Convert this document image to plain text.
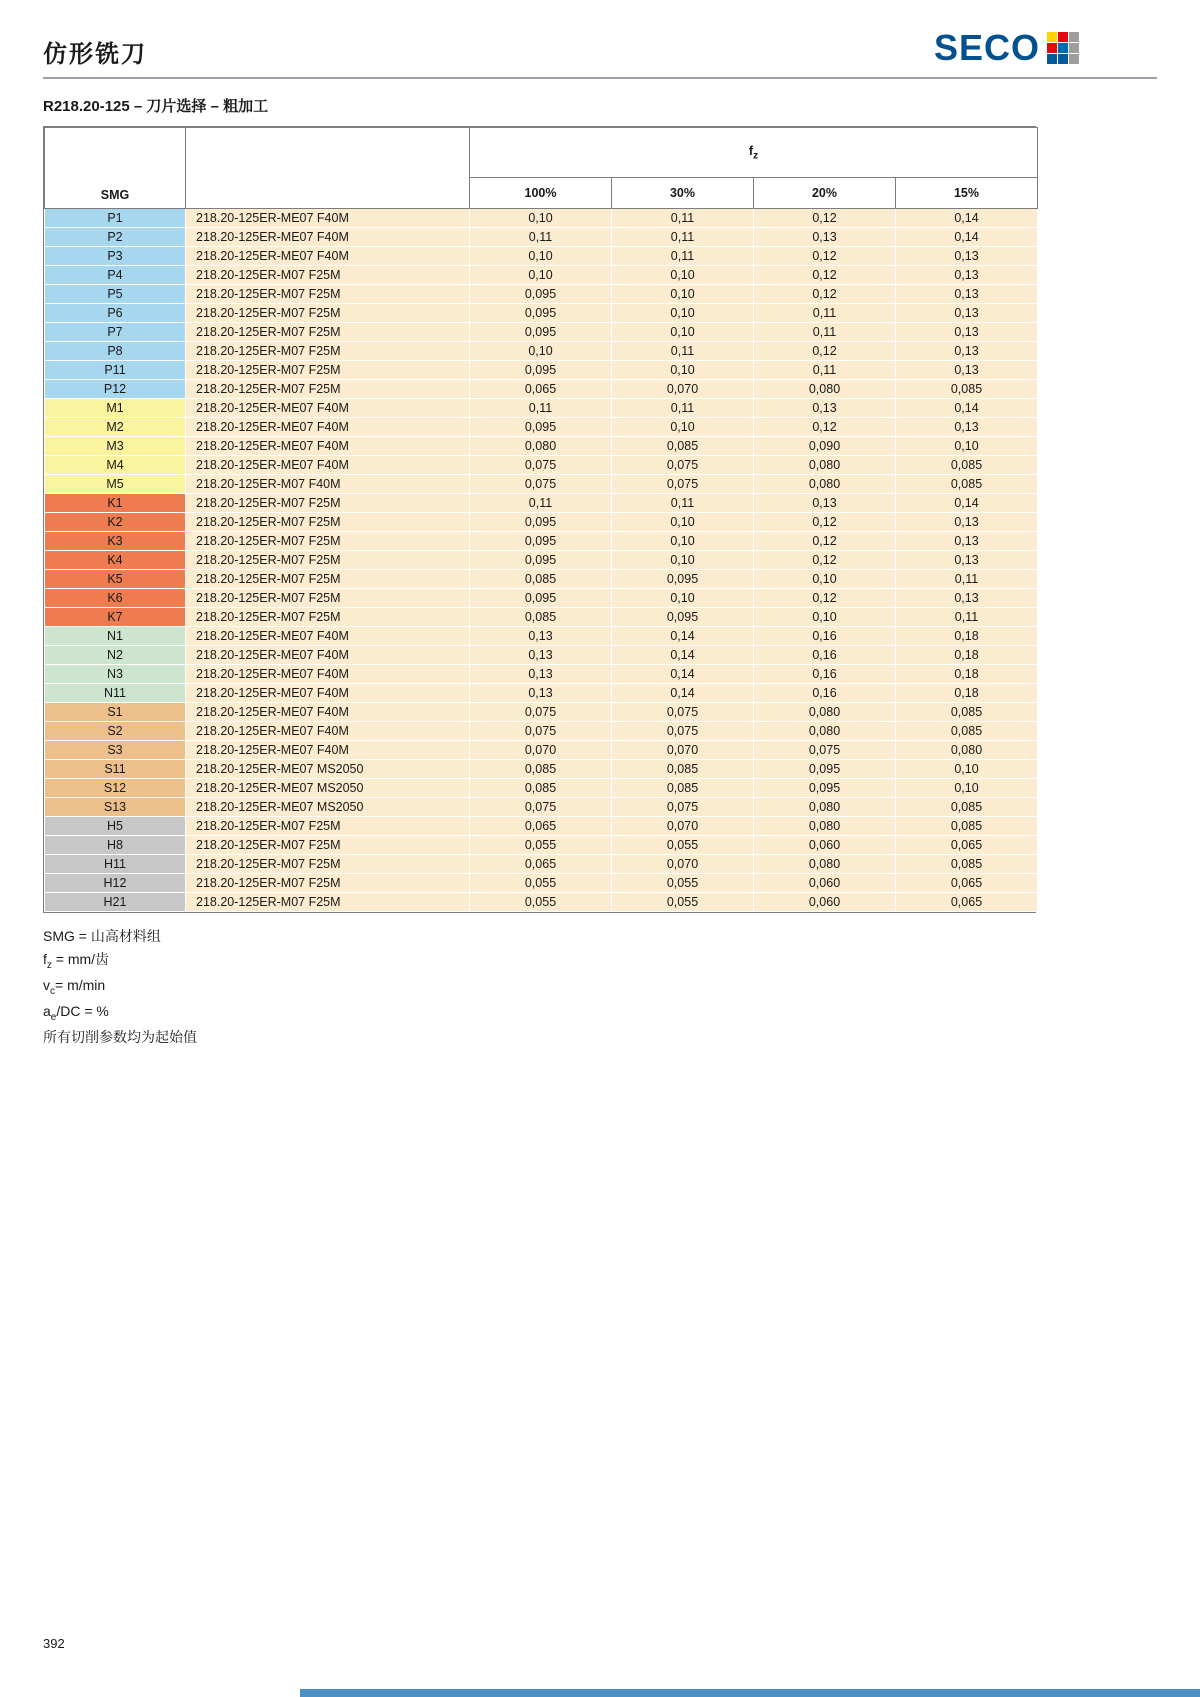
仿形铣刀	SECO
R218.20-125 – 刀片选择 – 粗加工
SMG		$f_z$
		100%	30%	20%	15%
P1	218.20-125ER-ME07 F40M	0,10	0,11	0,12	0,14
P2	218.20-125ER-ME07 F40M	0,11	0,11	0,13	0,14
P3	218.20-125ER-ME07 F40M	0,10	0,11	0,12	0,13
P4	218.20-125ER-M07 F25M	0,10	0,10	0,12	0,13
P5	218.20-125ER-M07 F25M	0,095	0,10	0,12	0,13
P6	218.20-125ER-M07 F25M	0,095	0,10	0,11	0,13
P7	218.20-125ER-M07 F25M	0,095	0,10	0,11	0,13
P8	218.20-125ER-M07 F25M	0,10	0,11	0,12	0,13
P11	218.20-125ER-M07 F25M	0,095	0,10	0,11	0,13
P12	218.20-125ER-M07 F25M	0,065	0,070	0,080	0,085
M1	218.20-125ER-ME07 F40M	0,11	0,11	0,13	0,14
M2	218.20-125ER-ME07 F40M	0,095	0,10	0,12	0,13
M3	218.20-125ER-ME07 F40M	0,080	0,085	0,090	0,10
M4	218.20-125ER-ME07 F40M	0,075	0,075	0,080	0,085
M5	218.20-125ER-M07 F40M	0,075	0,075	0,080	0,085
K1	218.20-125ER-M07 F25M	0,11	0,11	0,13	0,14
K2	218.20-125ER-M07 F25M	0,095	0,10	0,12	0,13
K3	218.20-125ER-M07 F25M	0,095	0,10	0,12	0,13
K4	218.20-125ER-M07 F25M	0,095	0,10	0,12	0,13
K5	218.20-125ER-M07 F25M	0,085	0,095	0,10	0,11
K6	218.20-125ER-M07 F25M	0,095	0,10	0,12	0,13
K7	218.20-125ER-M07 F25M	0,085	0,095	0,10	0,11
N1	218.20-125ER-ME07 F40M	0,13	0,14	0,16	0,18
N2	218.20-125ER-ME07 F40M	0,13	0,14	0,16	0,18
N3	218.20-125ER-ME07 F40M	0,13	0,14	0,16	0,18
N11	218.20-125ER-ME07 F40M	0,13	0,14	0,16	0,18
S1	218.20-125ER-ME07 F40M	0,075	0,075	0,080	0,085
S2	218.20-125ER-ME07 F40M	0,075	0,075	0,080	0,085
S3	218.20-125ER-ME07 F40M	0,070	0,070	0,075	0,080
S11	218.20-125ER-ME07 MS2050	0,085	0,085	0,095	0,10
S12	218.20-125ER-ME07 MS2050	0,085	0,085	0,095	0,10
S13	218.20-125ER-ME07 MS2050	0,075	0,075	0,080	0,085
H5	218.20-125ER-M07 F25M	0,065	0,070	0,080	0,085
H8	218.20-125ER-M07 F25M	0,055	0,055	0,060	0,065
H11	218.20-125ER-M07 F25M	0,065	0,070	0,080	0,085
H12	218.20-125ER-M07 F25M	0,055	0,055	0,060	0,065
H21	218.20-125ER-M07 F25M	0,055	0,055	0,060	0,065
SMG = 山高材料组
$f_z = mm/$齿
$v_c= m/\min$
$a_e/DC$ = %
所有切削参数均为起始值
392
